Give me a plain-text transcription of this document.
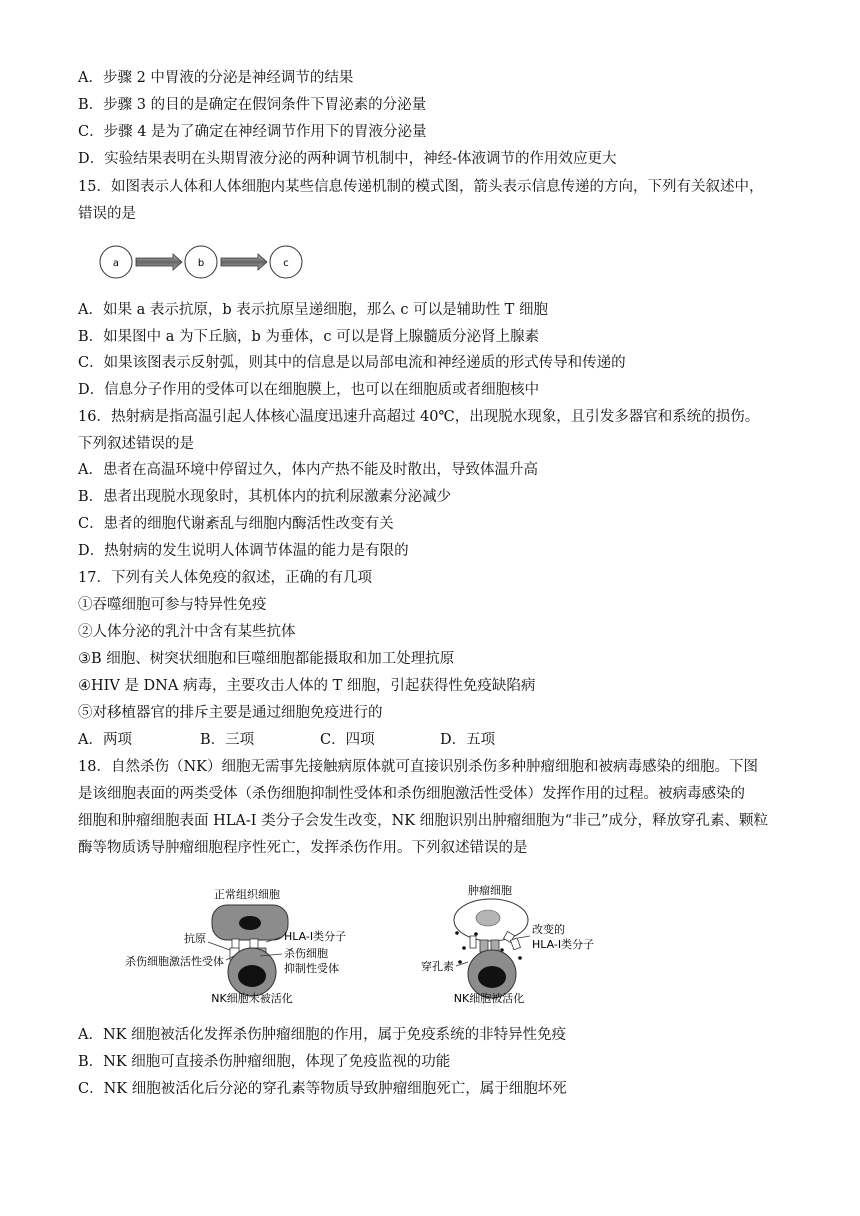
A．步骤 2 中胃液的分泌是神经调节的结果
B．步骤 3 的目的是确定在假饲条件下胃泌素的分泌量
C．步骤 4 是为了确定在神经调节作用下的胃液分泌量
D．实验结果表明在头期胃液分泌的两种调节机制中，神经-体液调节的作用效应更大
15．如图表示人体和人体细胞内某些信息传递机制的模式图，箭头表示信息传递的方向，下列有关叙述中，
错误的是
a	b	c
A．如果 a 表示抗原，b 表示抗原呈递细胞，那么 c 可以是辅助性 T 细胞
B．如果图中 a 为下丘脑，b 为垂体，c 可以是肾上腺髓质分泌肾上腺素
C．如果该图表示反射弧，则其中的信息是以局部电流和神经递质的形式传导和传递的
D．信息分子作用的受体可以在细胞膜上，也可以在细胞质或者细胞核中
16．热射病是指高温引起人体核心温度迅速升高超过 40℃，出现脱水现象，且引发多器官和系统的损伤。
下列叙述错误的是
A．患者在高温环境中停留过久，体内产热不能及时散出，导致体温升高
B．患者出现脱水现象时，其机体内的抗利尿激素分泌减少
C．患者的细胞代谢紊乱与细胞内酶活性改变有关
D．热射病的发生说明人体调节体温的能力是有限的
17．下列有关人体免疫的叙述，正确的有几项
①吞噬细胞可参与特异性免疫
②人体分泌的乳汁中含有某些抗体
③B 细胞、树突状细胞和巨噬细胞都能摄取和加工处理抗原
④HIV 是 DNA 病毒，主要攻击人体的 T 细胞，引起获得性免疫缺陷病
⑤对移植器官的排斥主要是通过细胞免疫进行的
A．两项	B．三项	C．四项	D．五项
18．自然杀伤（NK）细胞无需事先接触病原体就可直接识别杀伤多种肿瘤细胞和被病毒感染的细胞。下图
是该细胞表面的两类受体（杀伤细胞抑制性受体和杀伤细胞激活性受体）发挥作用的过程。被病毒感染的
细胞和肿瘤细胞表面 HLA-I 类分子会发生改变，NK 细胞识别出肿瘤细胞为“非己”成分，释放穿孔素、颗粒
酶等物质诱导肿瘤细胞程序性死亡，发挥杀伤作用。下列叙述错误的是
正常组织细胞
抗原	HLA-Ⅰ类分子
杀伤细胞
抑制性受体
杀伤细胞激活性受体
NK细胞未被活化
肿瘤细胞
改变的
HLA-Ⅰ类分子
穿孔素
NK细胞被活化
A．NK 细胞被活化发挥杀伤肿瘤细胞的作用，属于免疫系统的非特异性免疫
B．NK 细胞可直接杀伤肿瘤细胞，体现了免疫监视的功能
C．NK 细胞被活化后分泌的穿孔素等物质导致肿瘤细胞死亡，属于细胞坏死
